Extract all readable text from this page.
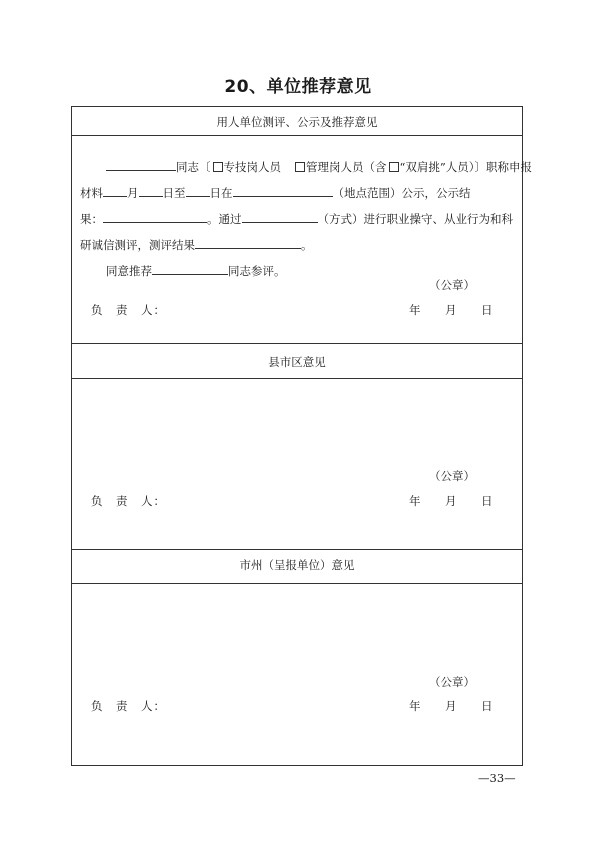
20、单位推荐意见
用人单位测评、公示及推荐意见
同志〔 专技岗人员 管理岗人员（含 “双肩挑”人员）〕职称申报
材料 月 日至 日在	（地点范围）公示，公示结
果：	。通过	（方式）进行职业操守、从业行为和科
研诚信测评，测评结果	。
同意推荐	同志参评。
（公章）
负　责　人：	年 月 日
县市区意见
（公章）
负　责　人：	年 月 日
市州（呈报单位）意见
（公章）
负　责　人：	年 月 日
—33—
